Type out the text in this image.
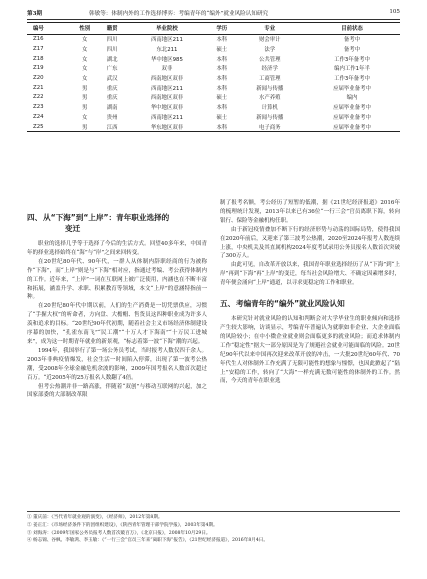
第3期	韩敏等：体制内外的工作选择博弈：考编青年的“编外”就业风险认知研究	105
编号	性别	籍贯	毕业院校	学历	专业	目前状态
Z16	女	四川	西南地区211	本科	财会审计	备考中
Z17	女	四川	东北211	硕士	法学	备考中
Z18	女	湖北	华中地区985	本科	公共管理	工作3年备考中
Z19	女	广东	双非	本科	经济学	编内工作1年半
Z20	女	武汉	西南地区双非	本科	工商管理	工作3年备考中
Z21	男	重庆	西南地区211	本科	新闻与传播	应届毕业备考中
Z22	男	重庆	西南地区双非	硕士	水产养殖	编内
Z23	男	湖南	华中地区双非	本科	计算机	应届毕业备考中
Z24	女	贵州	西南地区211	硕士	新闻与传播	应届毕业备考中
Z25	男	江西	华东地区双非	本科	电子商务	应届毕业备考中
四、从“下海”到“上岸”：青年职业选择的
变迁

职业的选择几乎等于选择了今后的生活方式。回望40多年来，中国青年的择业选择始终在“海”与“岸”之间来回转变。

在20世纪80年代、90年代，一群人从体制内辞职经商的行为被称作“下海”，而“上岸”则是与“下海”相对应，指通过考编、考公获得体制内的工作。近年来，“上岸”一词在互联网上被广泛使用，内涵也在不断丰富和拓展，涵盖升学、求职、积累教育等领域，本文“上岸”的意涵特指前一种。

在20世纪80年代中期以前，人们的生产消费是一切凭票供应，习惯了“手握大权”的听命者，方向盘、大檐帽、售货员这四种职业成为许多人羡和追求的目标。“20世纪90年代初期，随着社会主义市场经济体制建设序幕的加快，“孔雀东南飞”“民工潮”“十万人才下海南”“十万民工进城来”，成为这一时期青年就业的新景观，“标志着第一波“下海”潮的兴起。

1994年，我国举行了第一场公务员考试，当时报考人数仅四千余人。2003年非典疫情爆发，社会生活一时间陷入停滞，出现了第一波考公热潮，受2008年全球金融危机余波的影响，2009年国考报名人数首次超过百万。“近2005年的25万报名人数翻了4倍。

但考公热潮并非一路高涨，伴随着“双创”与移动互联网的兴起，加之国家部委的大部制改革限

制了报考名额，考公经历了短暂的低潮，据《21世纪经济报道》2016年的梳理统计发现，2013年以来已有36位“一行三会”官员离职下海，转向银行、保险等金融机构任职。

由于新冠疫情叠加不断下行的经济形势与动荡的国际局势，使得我国在2020年前后，又迎来了第三波考公热潮，2020至2024年报考人数连续上涨，中央机关及其直属机构2024年度考试录用公务员报名人数首次突破了300万人。

由此可见，自改革开放以来，我国青年职业选择经历了从“下海”到“上岸”再到“下海”再“上岸”的变迁，每当社会风险增大、不确定因素增多时，青年便会涌向“上岸”通道，以寻求更稳定的工作和职业。

五、考编青年的“编外”就业风险认知

本研究针对就业风险的认知和判断会对大学毕业生的职业倾向和选择产生较大影响，访谈显示，考编青年普遍认为就职如非企业、大企业面临的风险较小；在中小微企业就业则会面临更多的就业风险；而追求体制内工作“稳定性”据大一部分原因是为了规避社会就业可能面临的风险。20世纪90年代以来中国再次迎来改革开放的冲击，一大批20世纪60年代、70年代生人对体制外工作充满了无限可能性的想象与憧憬，也因此掀起了“陆上”安稳的工作，转向了“大海”一样充满无数可能性的体制外的工作。然而，今天的青年在职业选

① 董庆前：《当代青年就业观的演变》，《经济师》，2012年第8期。
② 姜正汇：《市场经济条件下的团组织建设》，《陕西青年管理干部学院学报》，2003年第4期。
③ 刘海涛：《2009年国家公务员报考人数首次破百万》，《北京日报》，2008年10月29日。
④ 杨志锦、谷枫、李敏鸿、李玉敏：《“一行三会”官员三年来“离职下海”报告》，《21世纪经济报道》，2016年8月4日。
